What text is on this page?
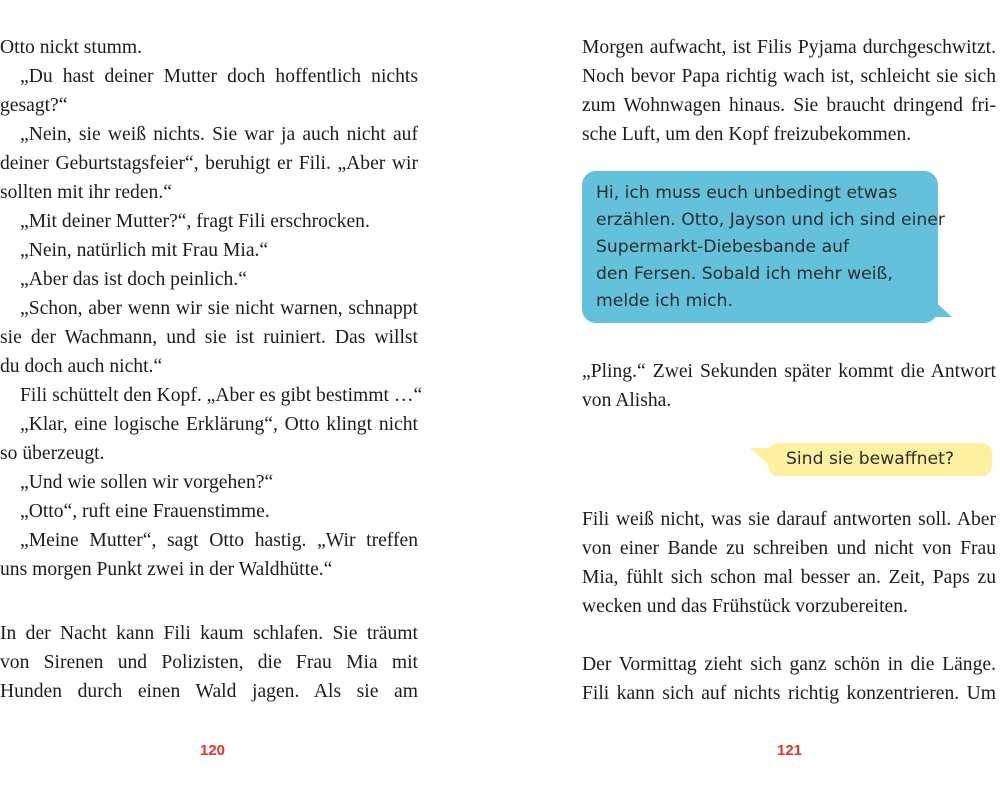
Otto nickt stumm.
„Du hast deiner Mutter doch hoffentlich nichts
gesagt?“
„Nein, sie weiß nichts. Sie war ja auch nicht auf
deiner Geburtstagsfeier“, beruhigt er Fili. „Aber wir
sollten mit ihr reden.“
„Mit deiner Mutter?“, fragt Fili erschrocken.
„Nein, natürlich mit Frau Mia.“
„Aber das ist doch peinlich.“
„Schon, aber wenn wir sie nicht warnen, schnappt
sie der Wachmann, und sie ist ruiniert. Das willst
du doch auch nicht.“
Fili schüttelt den Kopf. „Aber es gibt bestimmt …“
„Klar, eine logische Erklärung“, Otto klingt nicht
so überzeugt.
„Und wie sollen wir vorgehen?“
„Otto“, ruft eine Frauenstimme.
„Meine Mutter“, sagt Otto hastig. „Wir treffen
uns morgen Punkt zwei in der Waldhütte.“
In der Nacht kann Fili kaum schlafen. Sie träumt
von Sirenen und Polizisten, die Frau Mia mit
Hunden durch einen Wald jagen. Als sie am
120
Morgen aufwacht, ist Filis Pyjama durchgeschwitzt.
Noch bevor Papa richtig wach ist, schleicht sie sich
zum Wohnwagen hinaus. Sie braucht dringend fri-
sche Luft, um den Kopf freizubekommen.
„Pling.“ Zwei Sekunden später kommt die Antwort
von Alisha.
Fili weiß nicht, was sie darauf antworten soll. Aber
von einer Bande zu schreiben und nicht von Frau
Mia, fühlt sich schon mal besser an. Zeit, Paps zu
wecken und das Frühstück vorzubereiten.
Der Vormittag zieht sich ganz schön in die Länge.
Fili kann sich auf nichts richtig konzentrieren. Um
121
Hi, ich muss euch unbedingt etwas
erzählen. Otto, Jayson und ich sind einer
Supermarkt-Diebesbande auf
den Fersen. Sobald ich mehr weiß,
melde ich mich.
Sind sie bewaffnet?
